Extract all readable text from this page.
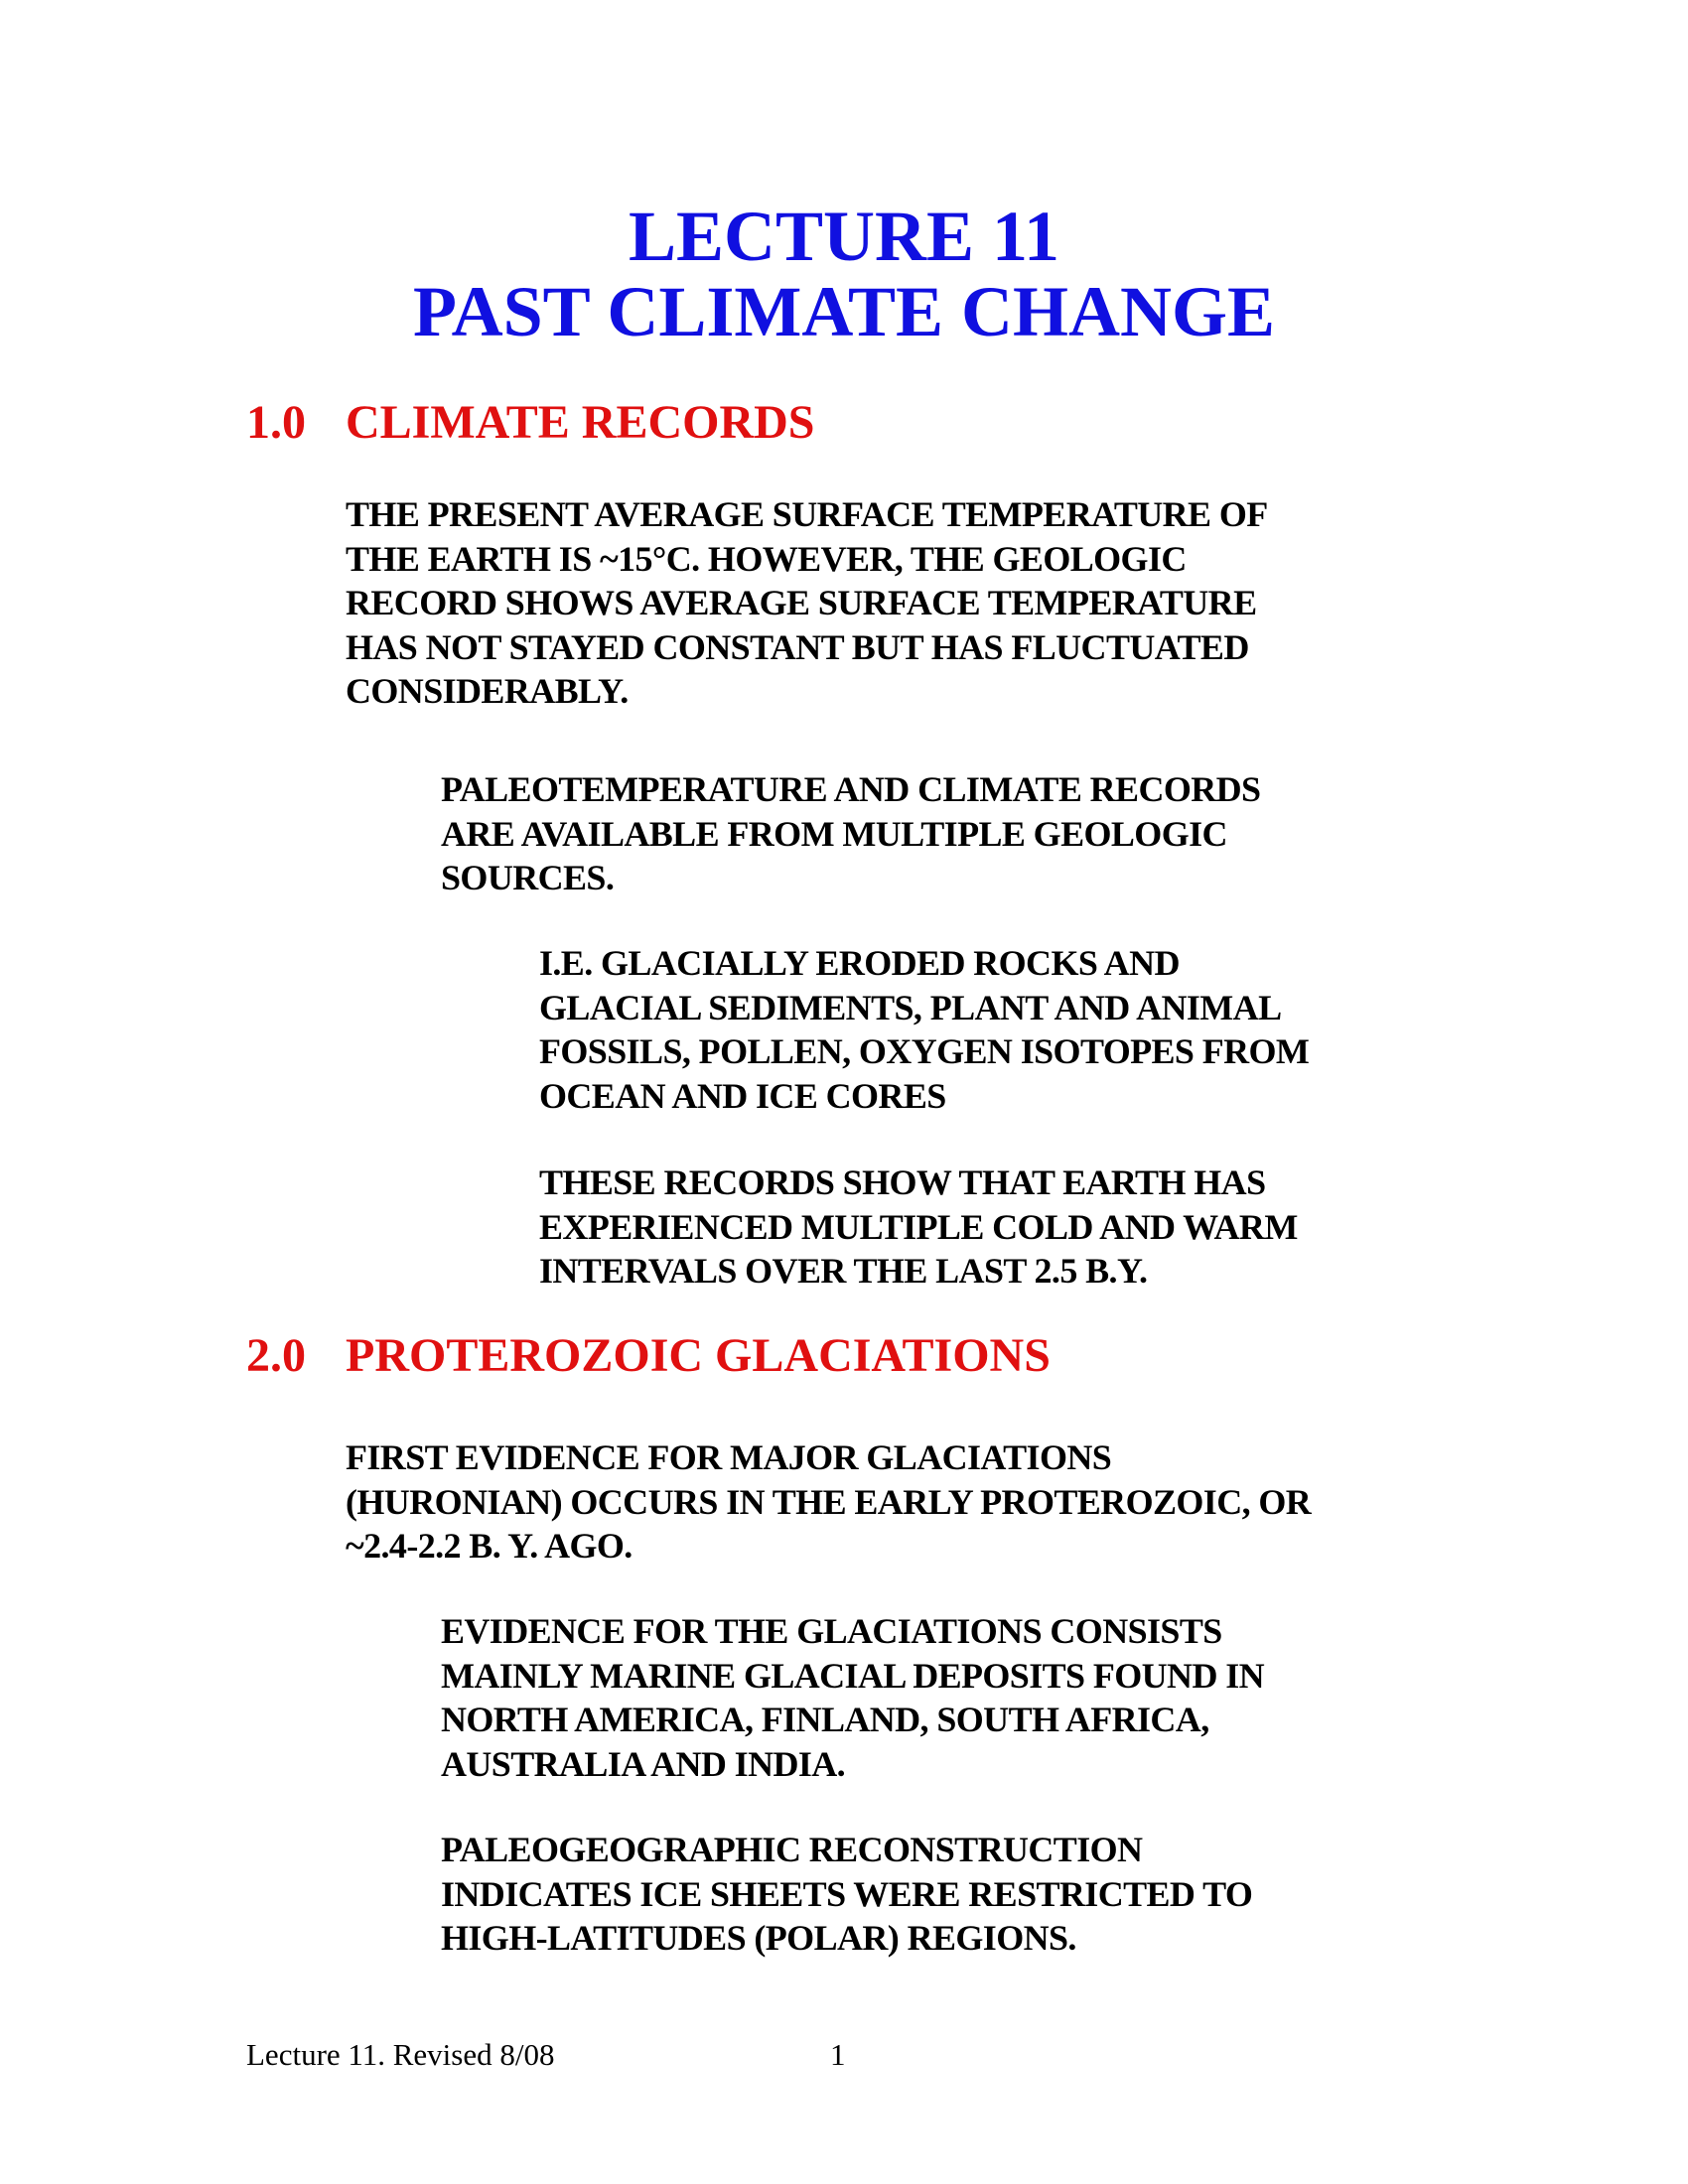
LECTURE 11
PAST CLIMATE CHANGE
1.0 CLIMATE RECORDS
THE PRESENT AVERAGE SURFACE TEMPERATURE OF
THE EARTH IS ~15°C. HOWEVER, THE GEOLOGIC
RECORD SHOWS AVERAGE SURFACE TEMPERATURE
HAS NOT STAYED CONSTANT BUT HAS FLUCTUATED
CONSIDERABLY.
PALEOTEMPERATURE AND CLIMATE RECORDS
ARE AVAILABLE FROM MULTIPLE GEOLOGIC
SOURCES.
I.E. GLACIALLY ERODED ROCKS AND
GLACIAL SEDIMENTS, PLANT AND ANIMAL
FOSSILS, POLLEN, OXYGEN ISOTOPES FROM
OCEAN AND ICE CORES
THESE RECORDS SHOW THAT EARTH HAS
EXPERIENCED MULTIPLE COLD AND WARM
INTERVALS OVER THE LAST 2.5 B.Y.
2.0 PROTEROZOIC GLACIATIONS
FIRST EVIDENCE FOR MAJOR GLACIATIONS
(HURONIAN) OCCURS IN THE EARLY PROTEROZOIC, OR
~2.4-2.2 B. Y. AGO.
EVIDENCE FOR THE GLACIATIONS CONSISTS
MAINLY MARINE GLACIAL DEPOSITS FOUND IN
NORTH AMERICA, FINLAND, SOUTH AFRICA,
AUSTRALIA AND INDIA.
PALEOGEOGRAPHIC RECONSTRUCTION
INDICATES ICE SHEETS WERE RESTRICTED TO
HIGH-LATITUDES (POLAR) REGIONS.
Lecture 11. Revised 8/08	1
